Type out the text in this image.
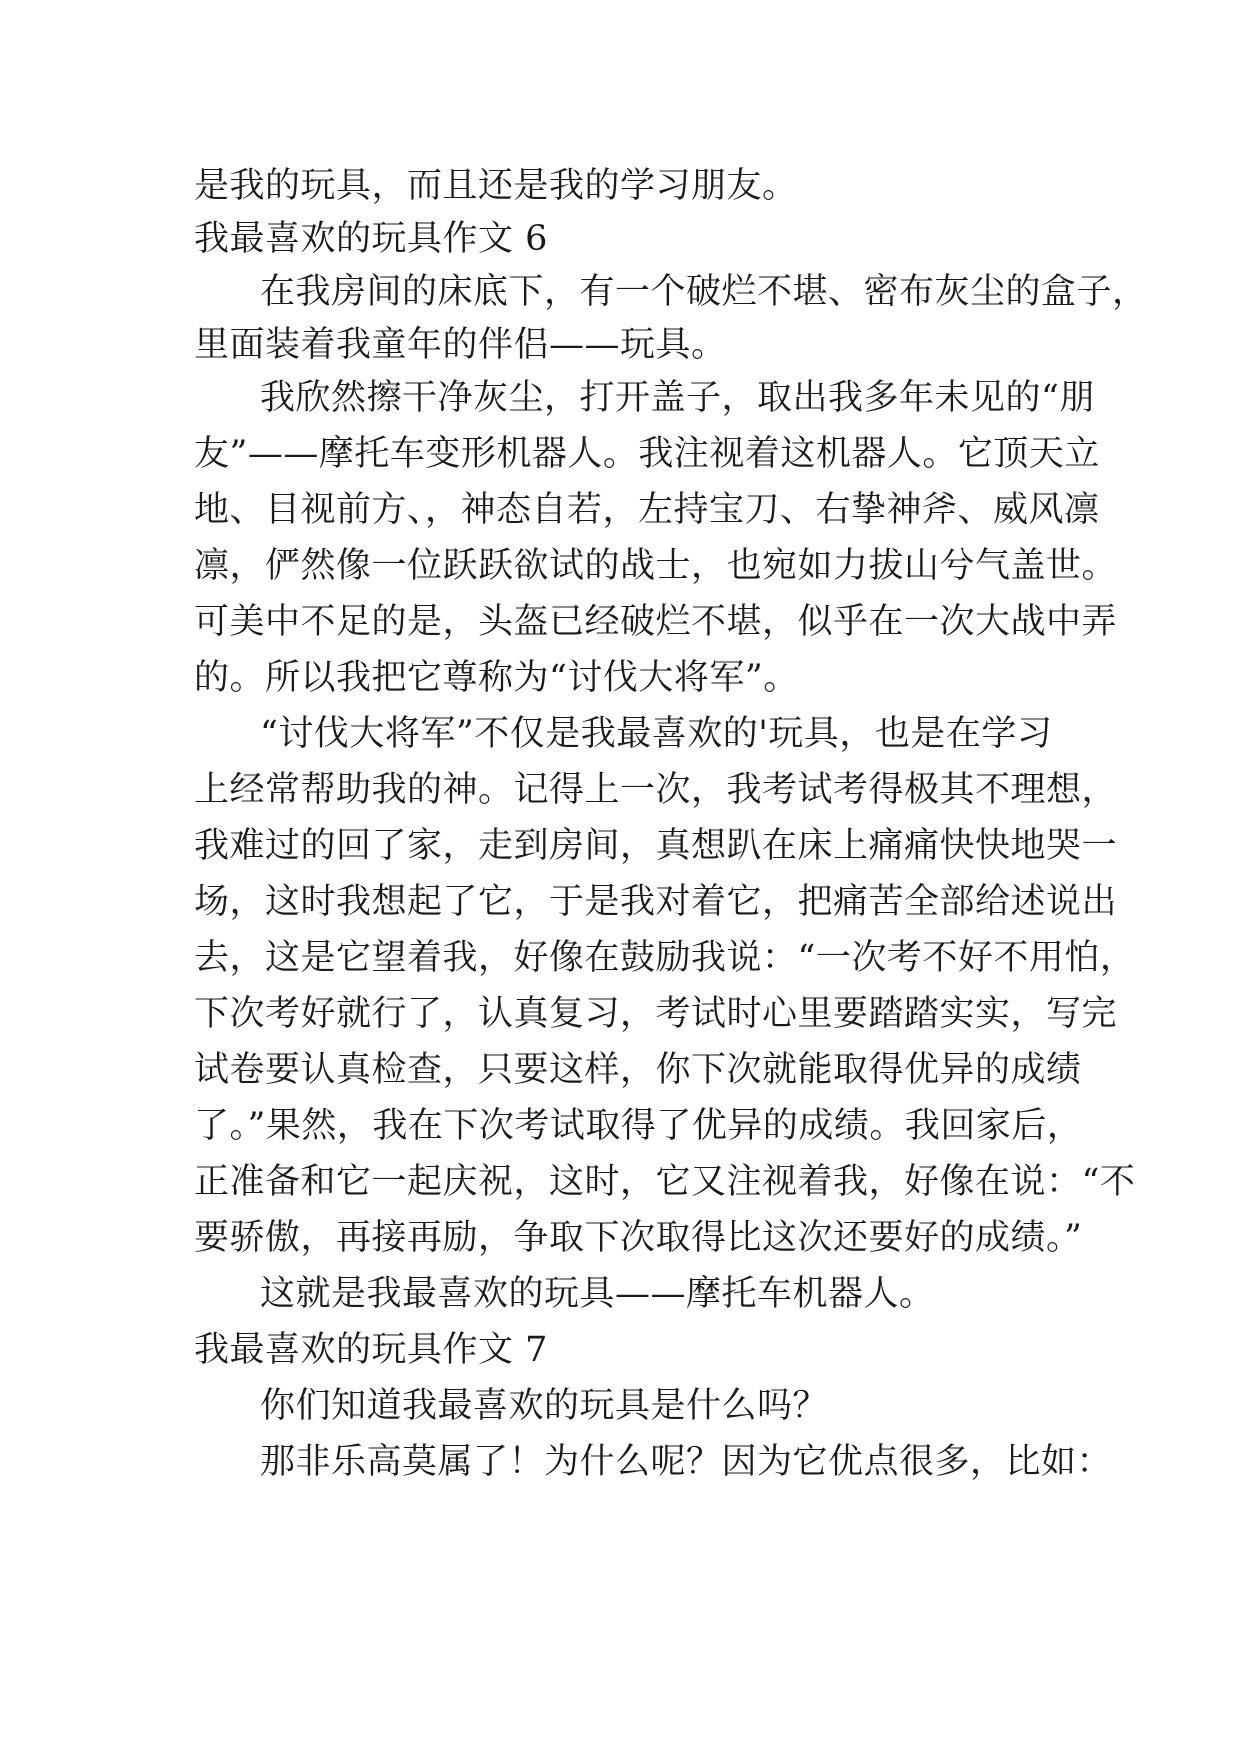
是我的玩具，而且还是我的学习朋友。
我最喜欢的玩具作文 6
在我房间的床底下，有一个破烂不堪、密布灰尘的盒子，
里面装着我童年的伴侣——玩具。
我欣然擦干净灰尘，打开盖子，取出我多年未见的“朋
友”——摩托车变形机器人。我注视着这机器人。它顶天立
地、目视前方、，神态自若，左持宝刀、右挚神斧、威风凛
凛，俨然像一位跃跃欲试的战士，也宛如力拔山兮气盖世。
可美中不足的是，头盔已经破烂不堪，似乎在一次大战中弄
的。所以我把它尊称为“讨伐大将军”。
“讨伐大将军”不仅是我最喜欢的'玩具，也是在学习
上经常帮助我的神。记得上一次，我考试考得极其不理想，
我难过的回了家，走到房间，真想趴在床上痛痛快快地哭一
场，这时我想起了它，于是我对着它，把痛苦全部给述说出
去，这是它望着我，好像在鼓励我说：“一次考不好不用怕，
下次考好就行了，认真复习，考试时心里要踏踏实实，写完
试卷要认真检查，只要这样，你下次就能取得优异的成绩
了。”果然，我在下次考试取得了优异的成绩。我回家后，
正准备和它一起庆祝，这时，它又注视着我，好像在说：“不
要骄傲，再接再励，争取下次取得比这次还要好的成绩。”
这就是我最喜欢的玩具——摩托车机器人。
我最喜欢的玩具作文 7
你们知道我最喜欢的玩具是什么吗？
那非乐高莫属了！为什么呢？因为它优点很多，比如：
